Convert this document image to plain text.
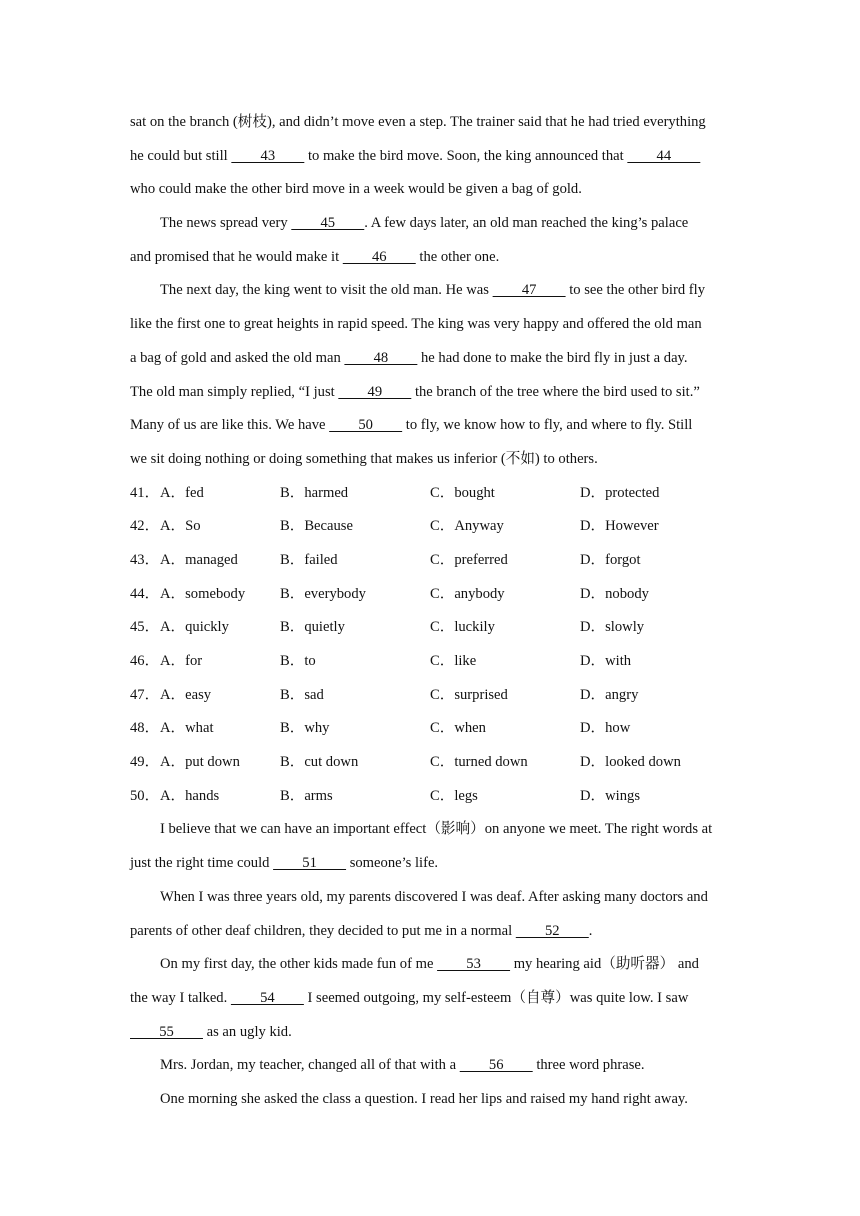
sat on the branch (树枝), and didn’t move even a step. The trainer said that he had tried everything
he could but still     43     to make the bird move. Soon, the king announced that     44    
who could make the other bird move in a week would be given a bag of gold.
The news spread very     45    . A few days later, an old man reached the king’s palace
and promised that he would make it     46     the other one.
The next day, the king went to visit the old man. He was     47     to see the other bird fly
like the first one to great heights in rapid speed. The king was very happy and offered the old man
a bag of gold and asked the old man     48     he had done to make the bird fly in just a day.
The old man simply replied, “I just     49     the branch of the tree where the bird used to sit.”
Many of us are like this. We have     50     to fly, we know how to fly, and where to fly. Still
we sit doing nothing or doing something that makes us inferior (不如) to others.
41． A．fed	B．harmed	C．bought	D．protected
42． A．So	B．Because	C．Anyway	D．However
43． A．managed	B．failed	C．preferred	D．forgot
44． A．somebody	B．everybody	C．anybody	D．nobody
45． A．quickly	B．quietly	C．luckily	D．slowly
46． A．for	B．to	C．like	D．with
47． A．easy	B．sad	C．surprised	D．angry
48． A．what	B．why	C．when	D．how
49． A．put down	B．cut down	C．turned down	D．looked down
50． A．hands	B．arms	C．legs	D．wings
I believe that we can have an important effect（影响）on anyone we meet. The right words at
just the right time could     51     someone’s life.
When I was three years old, my parents discovered I was deaf. After asking many doctors and
parents of other deaf children, they decided to put me in a normal     52    .
On my first day, the other kids made fun of me     53     my hearing aid（助听器） and
the way I talked.     54     I seemed outgoing, my self-esteem（自尊）was quite low. I saw
    55     as an ugly kid.
Mrs. Jordan, my teacher, changed all of that with a     56     three word phrase.
One morning she asked the class a question. I read her lips and raised my hand right away.
